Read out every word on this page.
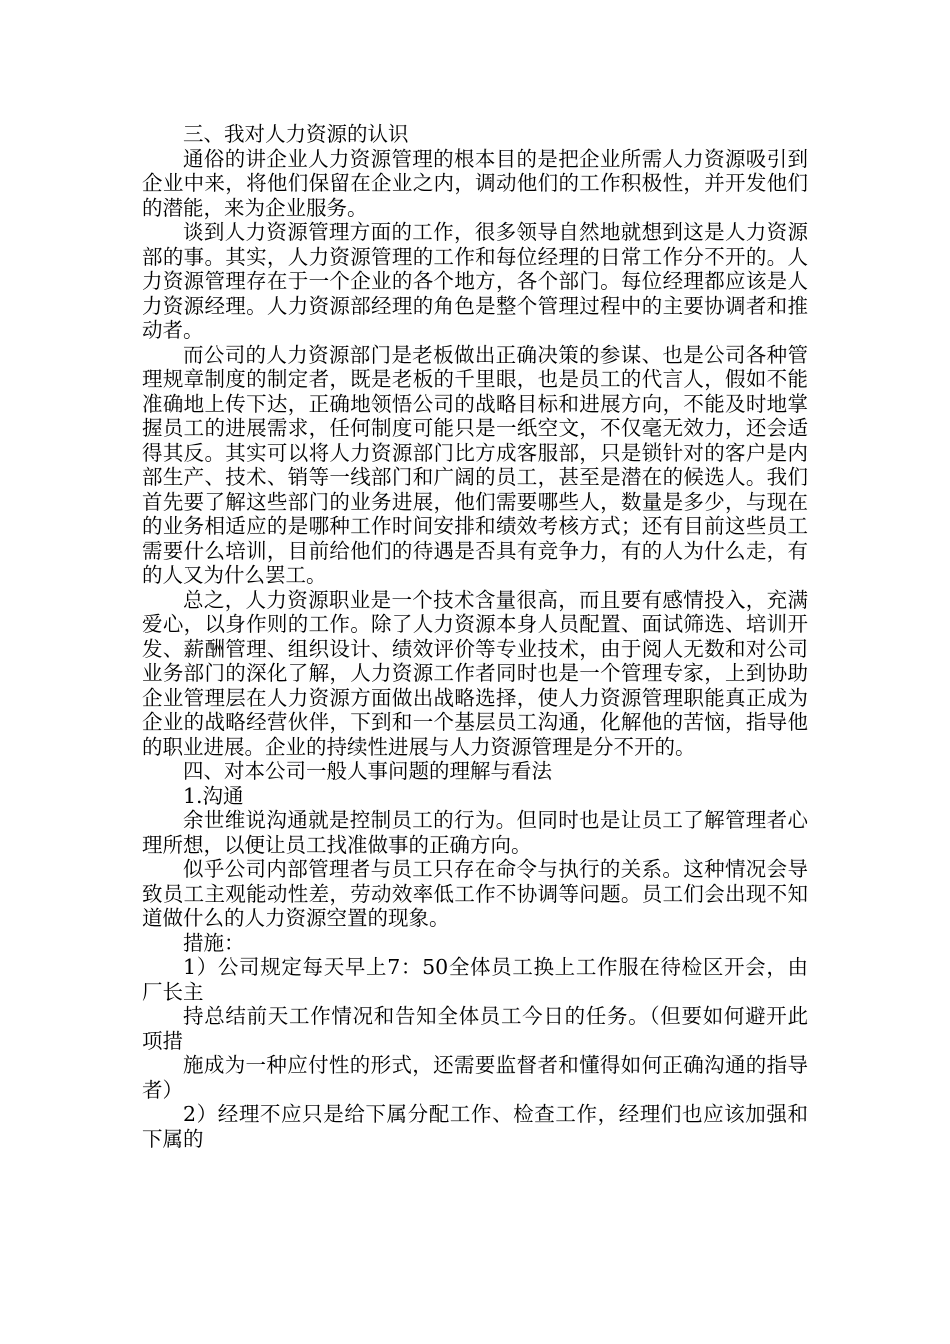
三、我对人力资源的认识

通俗的讲企业人力资源管理的根本目的是把企业所需人力资源吸引到企业中来，将他们保留在企业之内，调动他们的工作积极性，并开发他们的潜能，来为企业服务。

谈到人力资源管理方面的工作，很多领导自然地就想到这是人力资源部的事。其实，人力资源管理的工作和每位经理的日常工作分不开的。人力资源管理存在于一个企业的各个地方，各个部门。每位经理都应该是人力资源经理。人力资源部经理的角色是整个管理过程中的主要协调者和推动者。

而公司的人力资源部门是老板做出正确决策的参谋、也是公司各种管理规章制度的制定者，既是老板的千里眼，也是员工的代言人，假如不能准确地上传下达，正确地领悟公司的战略目标和进展方向，不能及时地掌握员工的进展需求，任何制度可能只是一纸空文，不仅毫无效力，还会适得其反。其实可以将人力资源部门比方成客服部，只是锁针对的客户是内部生产、技术、销等一线部门和广阔的员工，甚至是潜在的候选人。我们首先要了解这些部门的业务进展，他们需要哪些人，数量是多少，与现在的业务相适应的是哪种工作时间安排和绩效考核方式；还有目前这些员工需要什么培训，目前给他们的待遇是否具有竞争力，有的人为什么走，有的人又为什么罢工。

总之，人力资源职业是一个技术含量很高，而且要有感情投入，充满爱心，以身作则的工作。除了人力资源本身人员配置、面试筛选、培训开发、薪酬管理、组织设计、绩效评价等专业技术，由于阅人无数和对公司业务部门的深化了解，人力资源工作者同时也是一个管理专家，上到协助企业管理层在人力资源方面做出战略选择，使人力资源管理职能真正成为企业的战略经营伙伴，下到和一个基层员工沟通，化解他的苦恼，指导他的职业进展。企业的持续性进展与人力资源管理是分不开的。

四、对本公司一般人事问题的理解与看法

1.沟通

余世维说沟通就是控制员工的行为。但同时也是让员工了解管理者心理所想，以便让员工找准做事的正确方向。

似乎公司内部管理者与员工只存在命令与执行的关系。这种情况会导致员工主观能动性差，劳动效率低工作不协调等问题。员工们会出现不知道做什么的人力资源空置的现象。

措施：

1）公司规定每天早上7：50全体员工换上工作服在待检区开会，由厂长主

持总结前天工作情况和告知全体员工今日的任务。（但要如何避开此项措

施成为一种应付性的形式，还需要监督者和懂得如何正确沟通的指导者）

2）经理不应只是给下属分配工作、检查工作，经理们也应该加强和下属的
